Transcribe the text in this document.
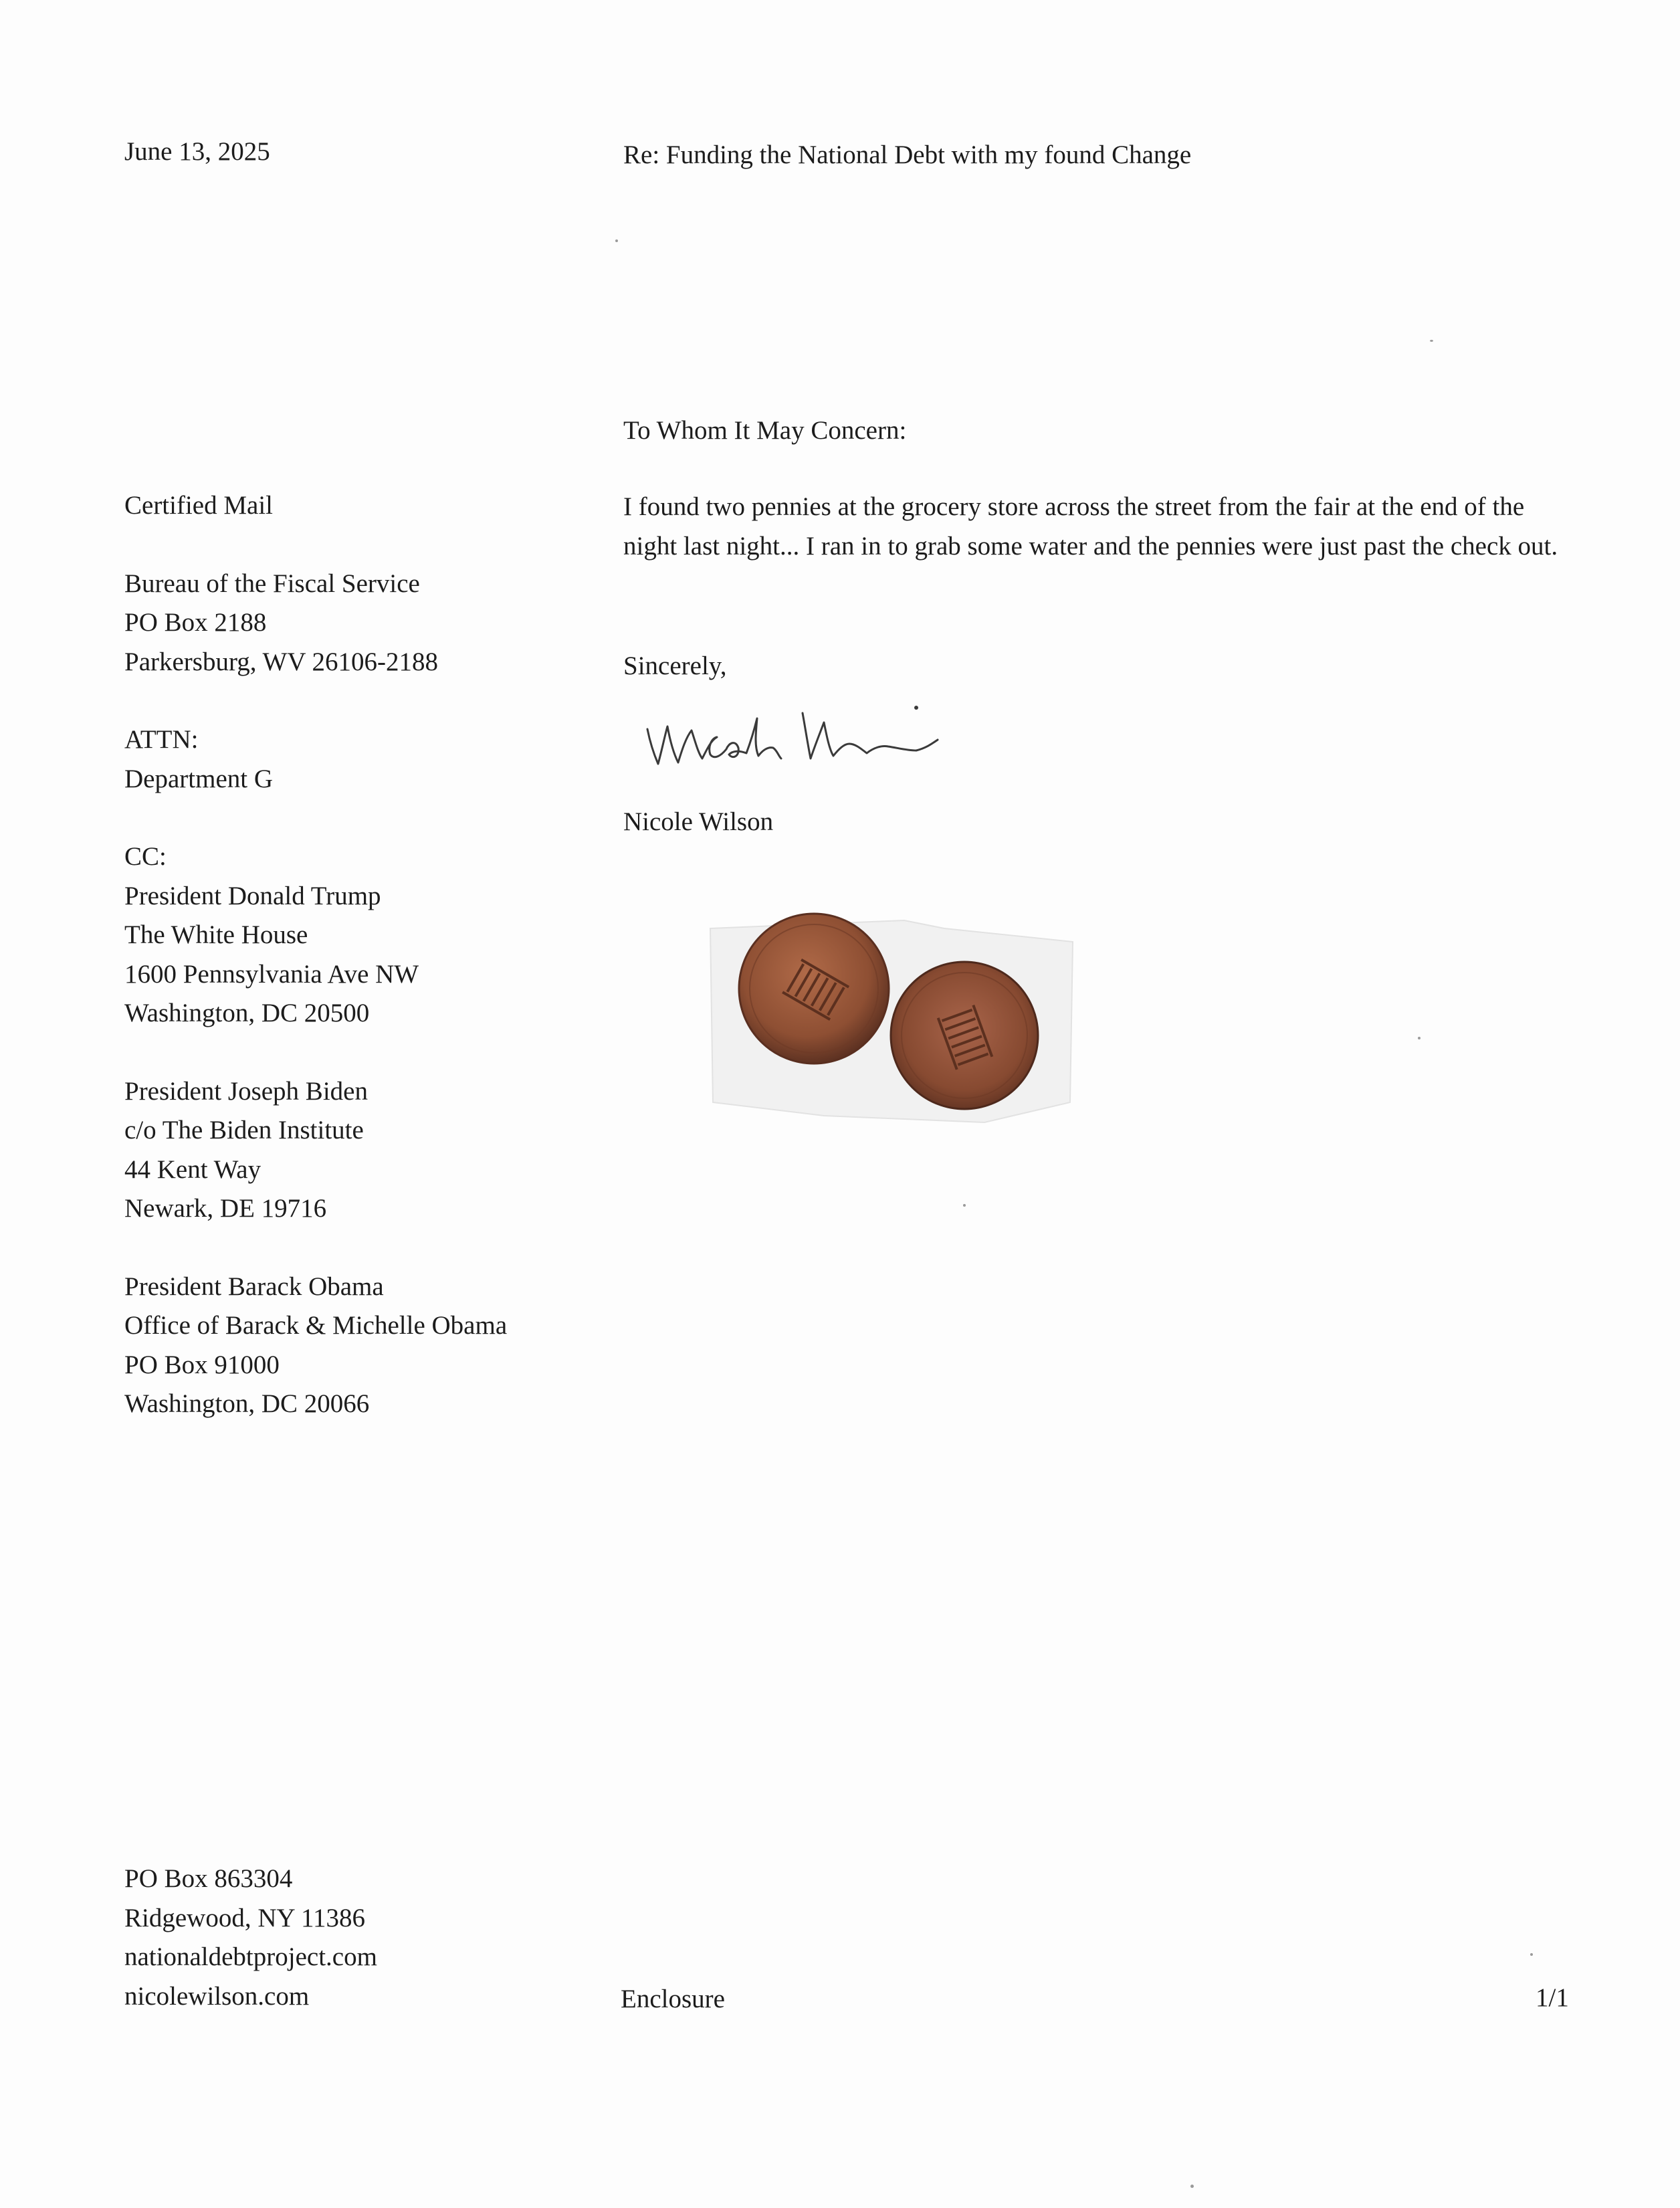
June 13, 2025	Re: Funding the National Debt with my found Change
To Whom It May Concern:
I found two pennies at the grocery store across the street from the fair at the end of the night last night... I ran in to grab some water and the pennies were just past the check out.
Sincerely,
Nicole Wilson
Certified Mail
Bureau of the Fiscal Service
PO Box 2188
Parkersburg, WV 26106-2188
ATTN:
Department G
CC:
President Donald Trump
The White House
1600 Pennsylvania Ave NW
Washington, DC 20500
President Joseph Biden
c/o The Biden Institute
44 Kent Way
Newark, DE 19716
President Barack Obama
Office of Barack & Michelle Obama
PO Box 91000
Washington, DC 20066
PO Box 863304
Ridgewood, NY 11386
nationaldebtproject.com
nicolewilson.com	Enclosure	1/1
